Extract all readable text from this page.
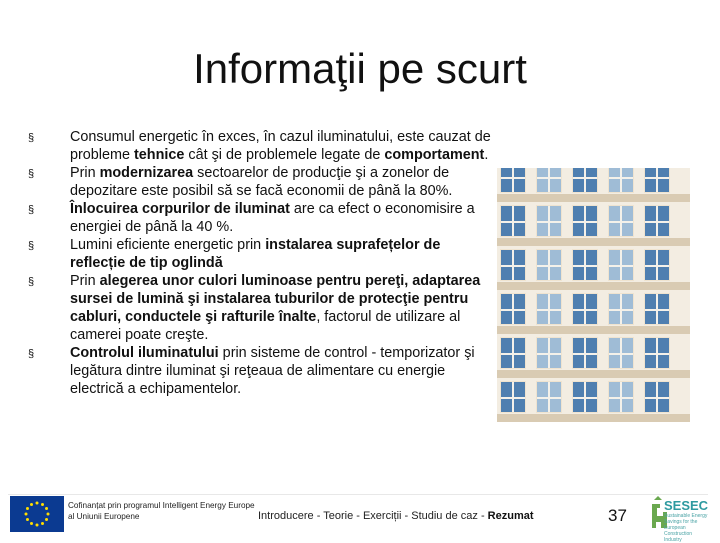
Informaţii pe scurt
§	Consumul energetic în exces, în cazul iluminatului, este cauzat de probleme tehnice cât şi de problemele legate de comportament.
§	Prin modernizarea sectoarelor de producţie şi a zonelor de depozitare este posibil să se facă economii de până la 80%.
§	Înlocuirea corpurilor de iluminat are ca efect o economisire a energiei de până la 40 %.
§	Lumini eficiente energetic prin instalarea suprafețelor de reflecție de tip oglindă
§	Prin alegerea unor culori luminoase pentru pereţi, adaptarea sursei de lumină şi instalarea tuburilor de protecţie pentru cabluri, conductele şi rafturile înalte, factorul de utilizare al camerei poate creşte.
§	Controlul iluminatului prin sisteme de control - temporizator şi legătura dintre iluminat şi reţeaua de alimentare cu energie electrică a echipamentelor.
Cofinanțat prin programul Intelligent Energy Europe
al Uniunii Europene	Introducere - Teorie - Exerciții - Studiu de caz - Rezumat	37
SESEC
Sustainable Energy Savings for the European Construction Industry
